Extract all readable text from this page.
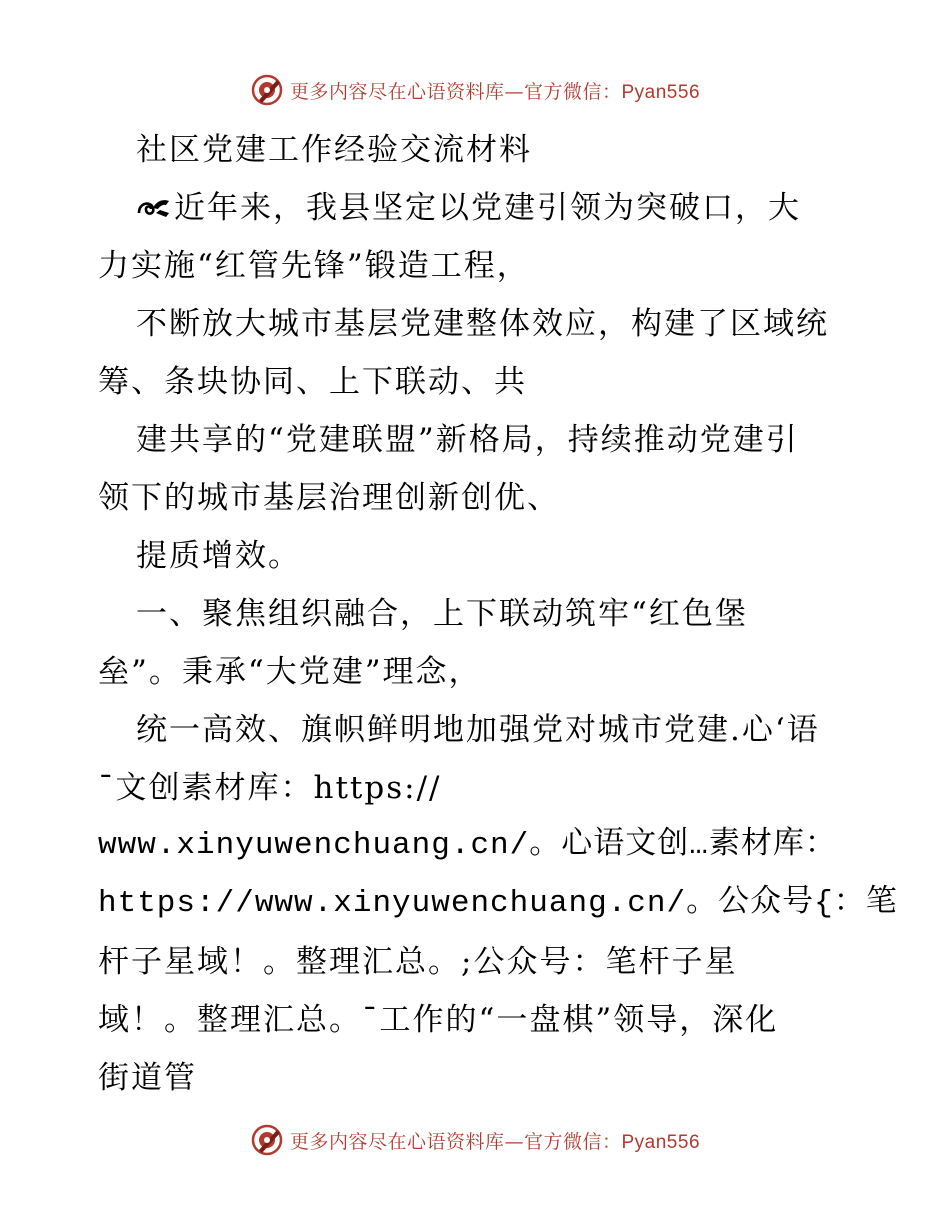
更多内容尽在心语资料库—官方微信：Pyan556
社区党建工作经验交流材料
近年来，我县坚定以党建引领为突破口，大
力实施“红管先锋”锻造工程，
不断放大城市基层党建整体效应，构建了区域统
筹、条块协同、上下联动、共
建共享的“党建联盟”新格局，持续推动党建引
领下的城市基层治理创新创优、
提质增效。
一、聚焦组织融合，上下联动筑牢“红色堡
垒”。秉承“大党建”理念，
统一高效、旗帜鲜明地加强党对城市党建.心‘语
¯文创素材库：https://
www.xinyuwenchuang.cn/。心语文创…素材库：
https://www.xinyuwenchuang.cn/。公众号{：笔
杆子星域！。整理汇总。;公众号：笔杆子星
域！。整理汇总。¯工作的“一盘棋”领导，深化
街道管
更多内容尽在心语资料库—官方微信：Pyan556
